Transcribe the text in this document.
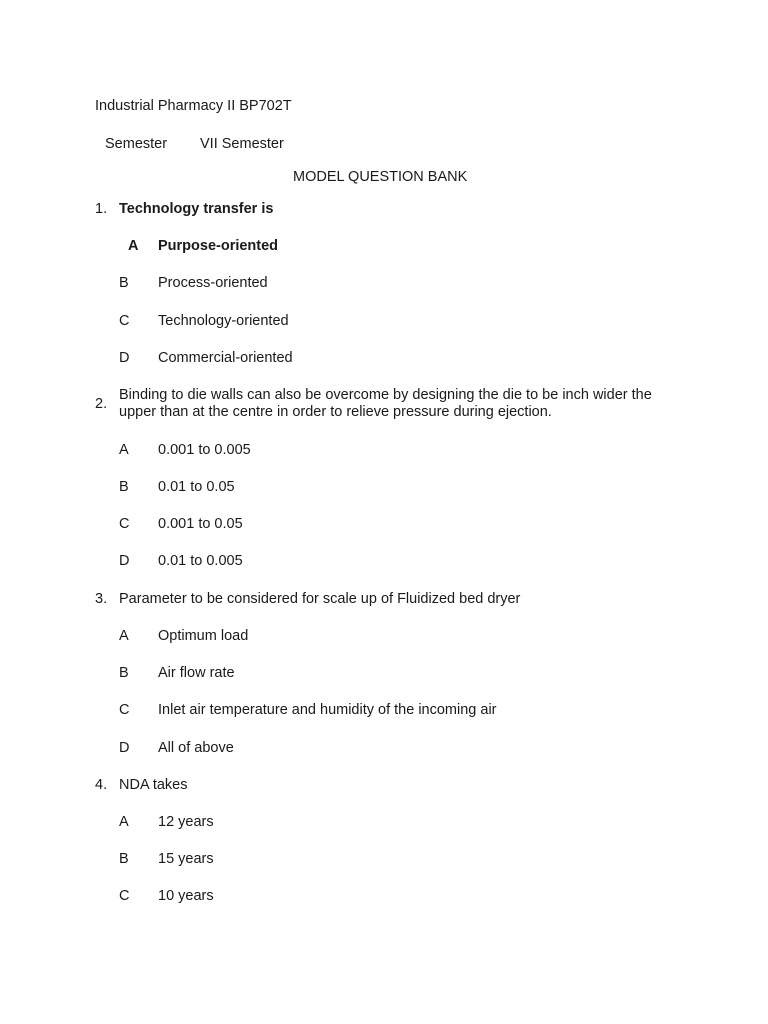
Industrial Pharmacy II BP702T
Semester VII Semester
MODEL QUESTION BANK
1. Technology transfer is
A Purpose-oriented
B Process-oriented
C Technology-oriented
D Commercial-oriented
2.
Binding to die walls can also be overcome by designing the die to be inch wider the upper than at the centre in order to relieve pressure during ejection.
A 0.001 to 0.005
B 0.01 to 0.05
C 0.001 to 0.05
D 0.01 to 0.005
3. Parameter to be considered for scale up of Fluidized bed dryer
A Optimum load
B Air flow rate
C Inlet air temperature and humidity of the incoming air
D All of above
4. NDA takes
A 12 years
B 15 years
C 10 years
